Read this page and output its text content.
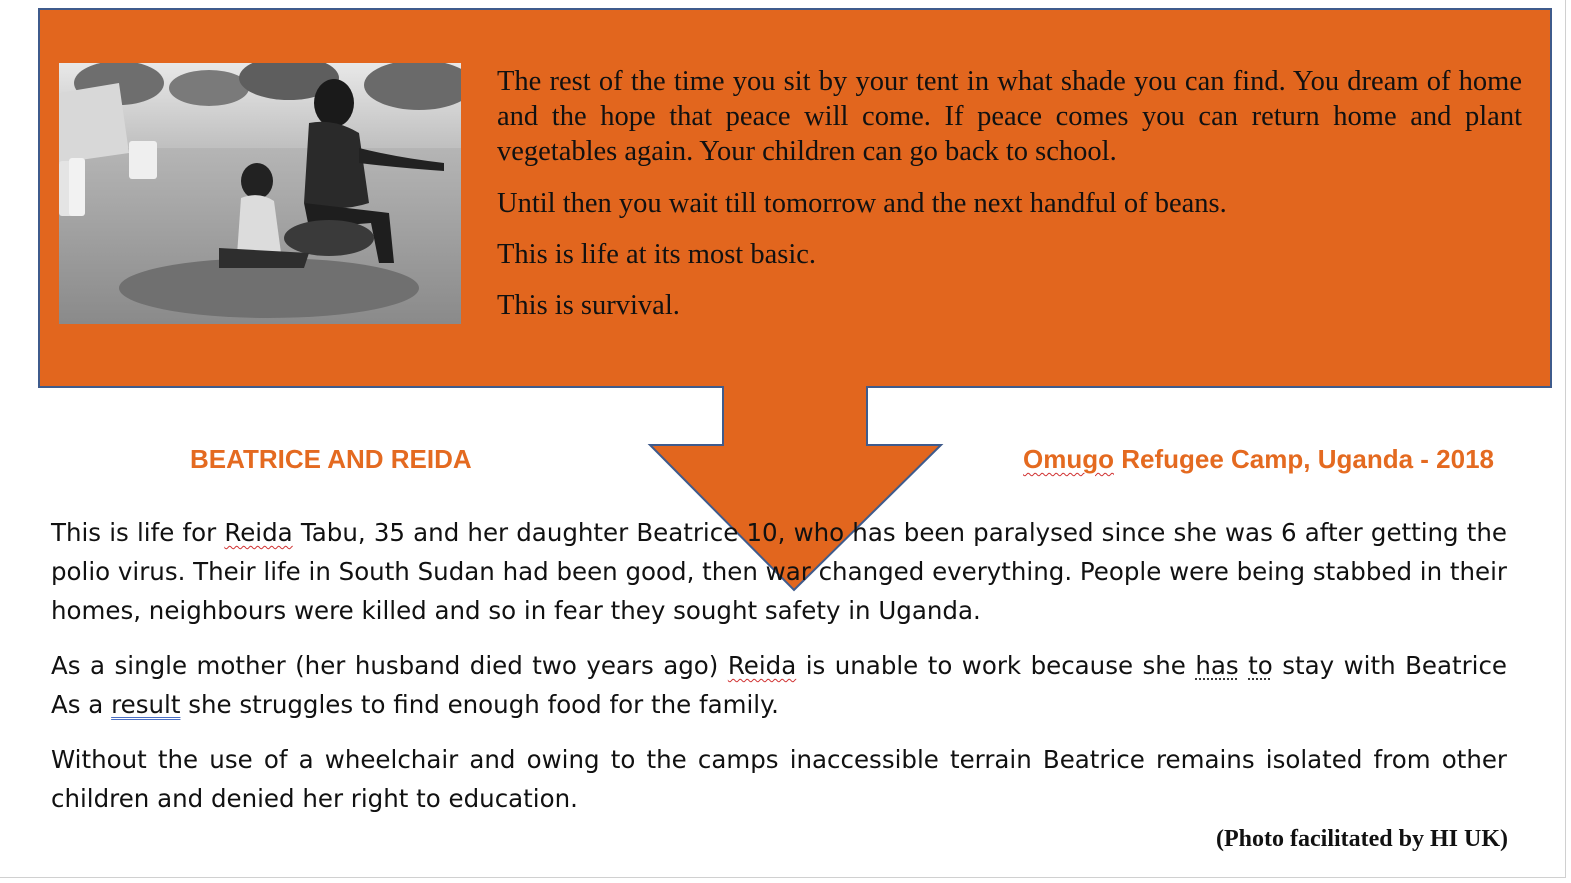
The rest of the time you sit by your tent in what shade you can find. You dream of home and the hope that peace will come. If peace comes you can return home and plant vegetables again. Your children can go back to school.

Until then you wait till tomorrow and the next handful of beans.

This is life at its most basic.

This is survival.

BEATRICE AND REIDA	Omugo Refugee Camp, Uganda - 2018

This is life for Reida Tabu, 35 and her daughter Beatrice 10, who has been paralysed since she was 6 after getting the polio virus. Their life in South Sudan had been good, then war changed everything. People were being stabbed in their homes, neighbours were killed and so in fear they sought safety in Uganda.

As a single mother (her husband died two years ago) Reida is unable to work because she has to stay with Beatrice As a result she struggles to find enough food for the family.

Without the use of a wheelchair and owing to the camps inaccessible terrain Beatrice remains isolated from other children and denied her right to education.

(Photo facilitated by HI UK)
